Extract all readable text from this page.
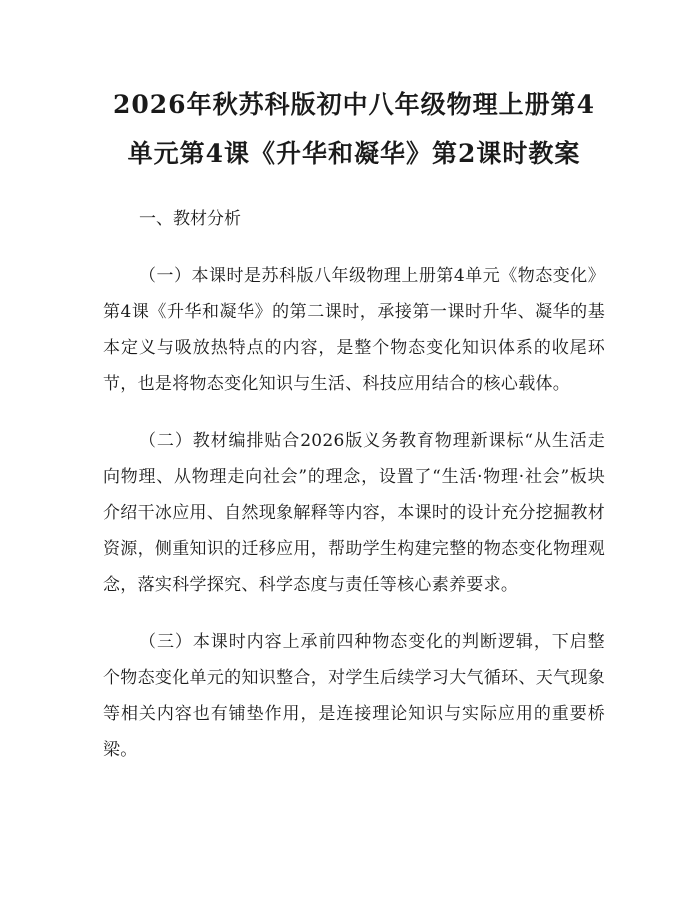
2026年秋苏科版初中八年级物理上册第4单元第4课《升华和凝华》第2课时教案

一、教材分析

（一）本课时是苏科版八年级物理上册第4单元《物态变化》第4课《升华和凝华》的第二课时，承接第一课时升华、凝华的基本定义与吸放热特点的内容，是整个物态变化知识体系的收尾环节，也是将物态变化知识与生活、科技应用结合的核心载体。

（二）教材编排贴合2026版义务教育物理新课标“从生活走向物理、从物理走向社会”的理念，设置了“生活·物理·社会”板块介绍干冰应用、自然现象解释等内容，本课时的设计充分挖掘教材资源，侧重知识的迁移应用，帮助学生构建完整的物态变化物理观念，落实科学探究、科学态度与责任等核心素养要求。

（三）本课时内容上承前四种物态变化的判断逻辑，下启整个物态变化单元的知识整合，对学生后续学习大气循环、天气现象等相关内容也有铺垫作用，是连接理论知识与实际应用的重要桥梁。
